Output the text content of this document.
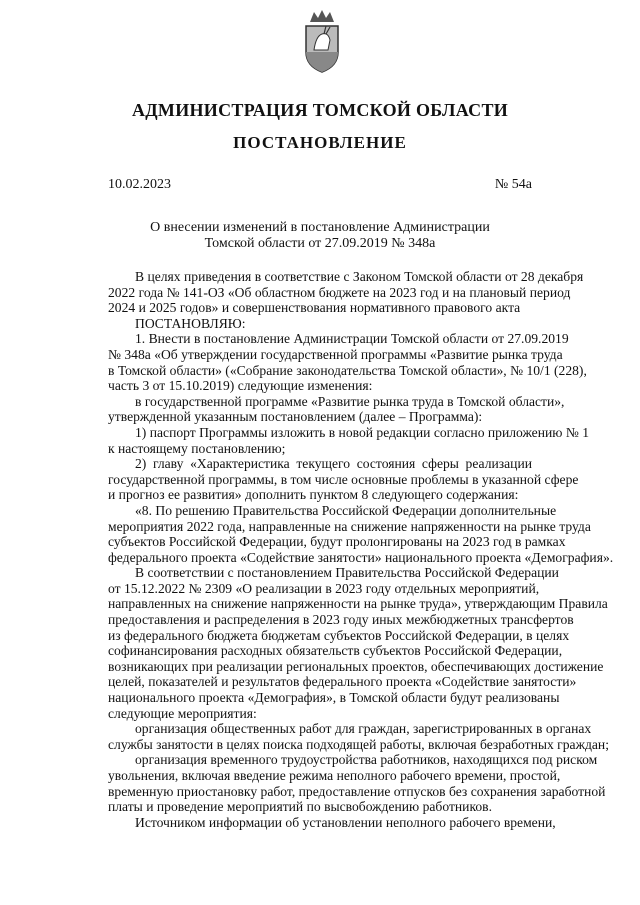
АДМИНИСТРАЦИЯ ТОМСКОЙ ОБЛАСТИ
ПОСТАНОВЛЕНИЕ
10.02.2023	№ 54а
О внесении изменений в постановление Администрации
Томской области от 27.09.2019 № 348а
В целях приведения в соответствие с Законом Томской области от 28 декабря
2022 года № 141-ОЗ «Об областном бюджете на 2023 год и на плановый период
2024 и 2025 годов» и совершенствования нормативного правового акта
ПОСТАНОВЛЯЮ:
1. Внести в постановление Администрации Томской области от 27.09.2019
№ 348а «Об утверждении государственной программы «Развитие рынка труда
в Томской области» («Собрание законодательства Томской области», № 10/1 (228),
часть 3 от 15.10.2019) следующие изменения:
в государственной программе «Развитие рынка труда в Томской области»,
утвержденной указанным постановлением (далее – Программа):
1) паспорт Программы изложить в новой редакции согласно приложению № 1
к настоящему постановлению;
2) главу «Характеристика текущего состояния сферы реализации
государственной программы, в том числе основные проблемы в указанной сфере
и прогноз ее развития» дополнить пунктом 8 следующего содержания:
«8. По решению Правительства Российской Федерации дополнительные
мероприятия 2022 года, направленные на снижение напряженности на рынке труда
субъектов Российской Федерации, будут пролонгированы на 2023 год в рамках
федерального проекта «Содействие занятости» национального проекта «Демография».
В соответствии с постановлением Правительства Российской Федерации
от 15.12.2022 № 2309 «О реализации в 2023 году отдельных мероприятий,
направленных на снижение напряженности на рынке труда», утверждающим Правила
предоставления и распределения в 2023 году иных межбюджетных трансфертов
из федерального бюджета бюджетам субъектов Российской Федерации, в целях
софинансирования расходных обязательств субъектов Российской Федерации,
возникающих при реализации региональных проектов, обеспечивающих достижение
целей, показателей и результатов федерального проекта «Содействие занятости»
национального проекта «Демография», в Томской области будут реализованы
следующие мероприятия:
организация общественных работ для граждан, зарегистрированных в органах
службы занятости в целях поиска подходящей работы, включая безработных граждан;
организация временного трудоустройства работников, находящихся под риском
увольнения, включая введение режима неполного рабочего времени, простой,
временную приостановку работ, предоставление отпусков без сохранения заработной
платы и проведение мероприятий по высвобождению работников.
Источником информации об установлении неполного рабочего времени,
